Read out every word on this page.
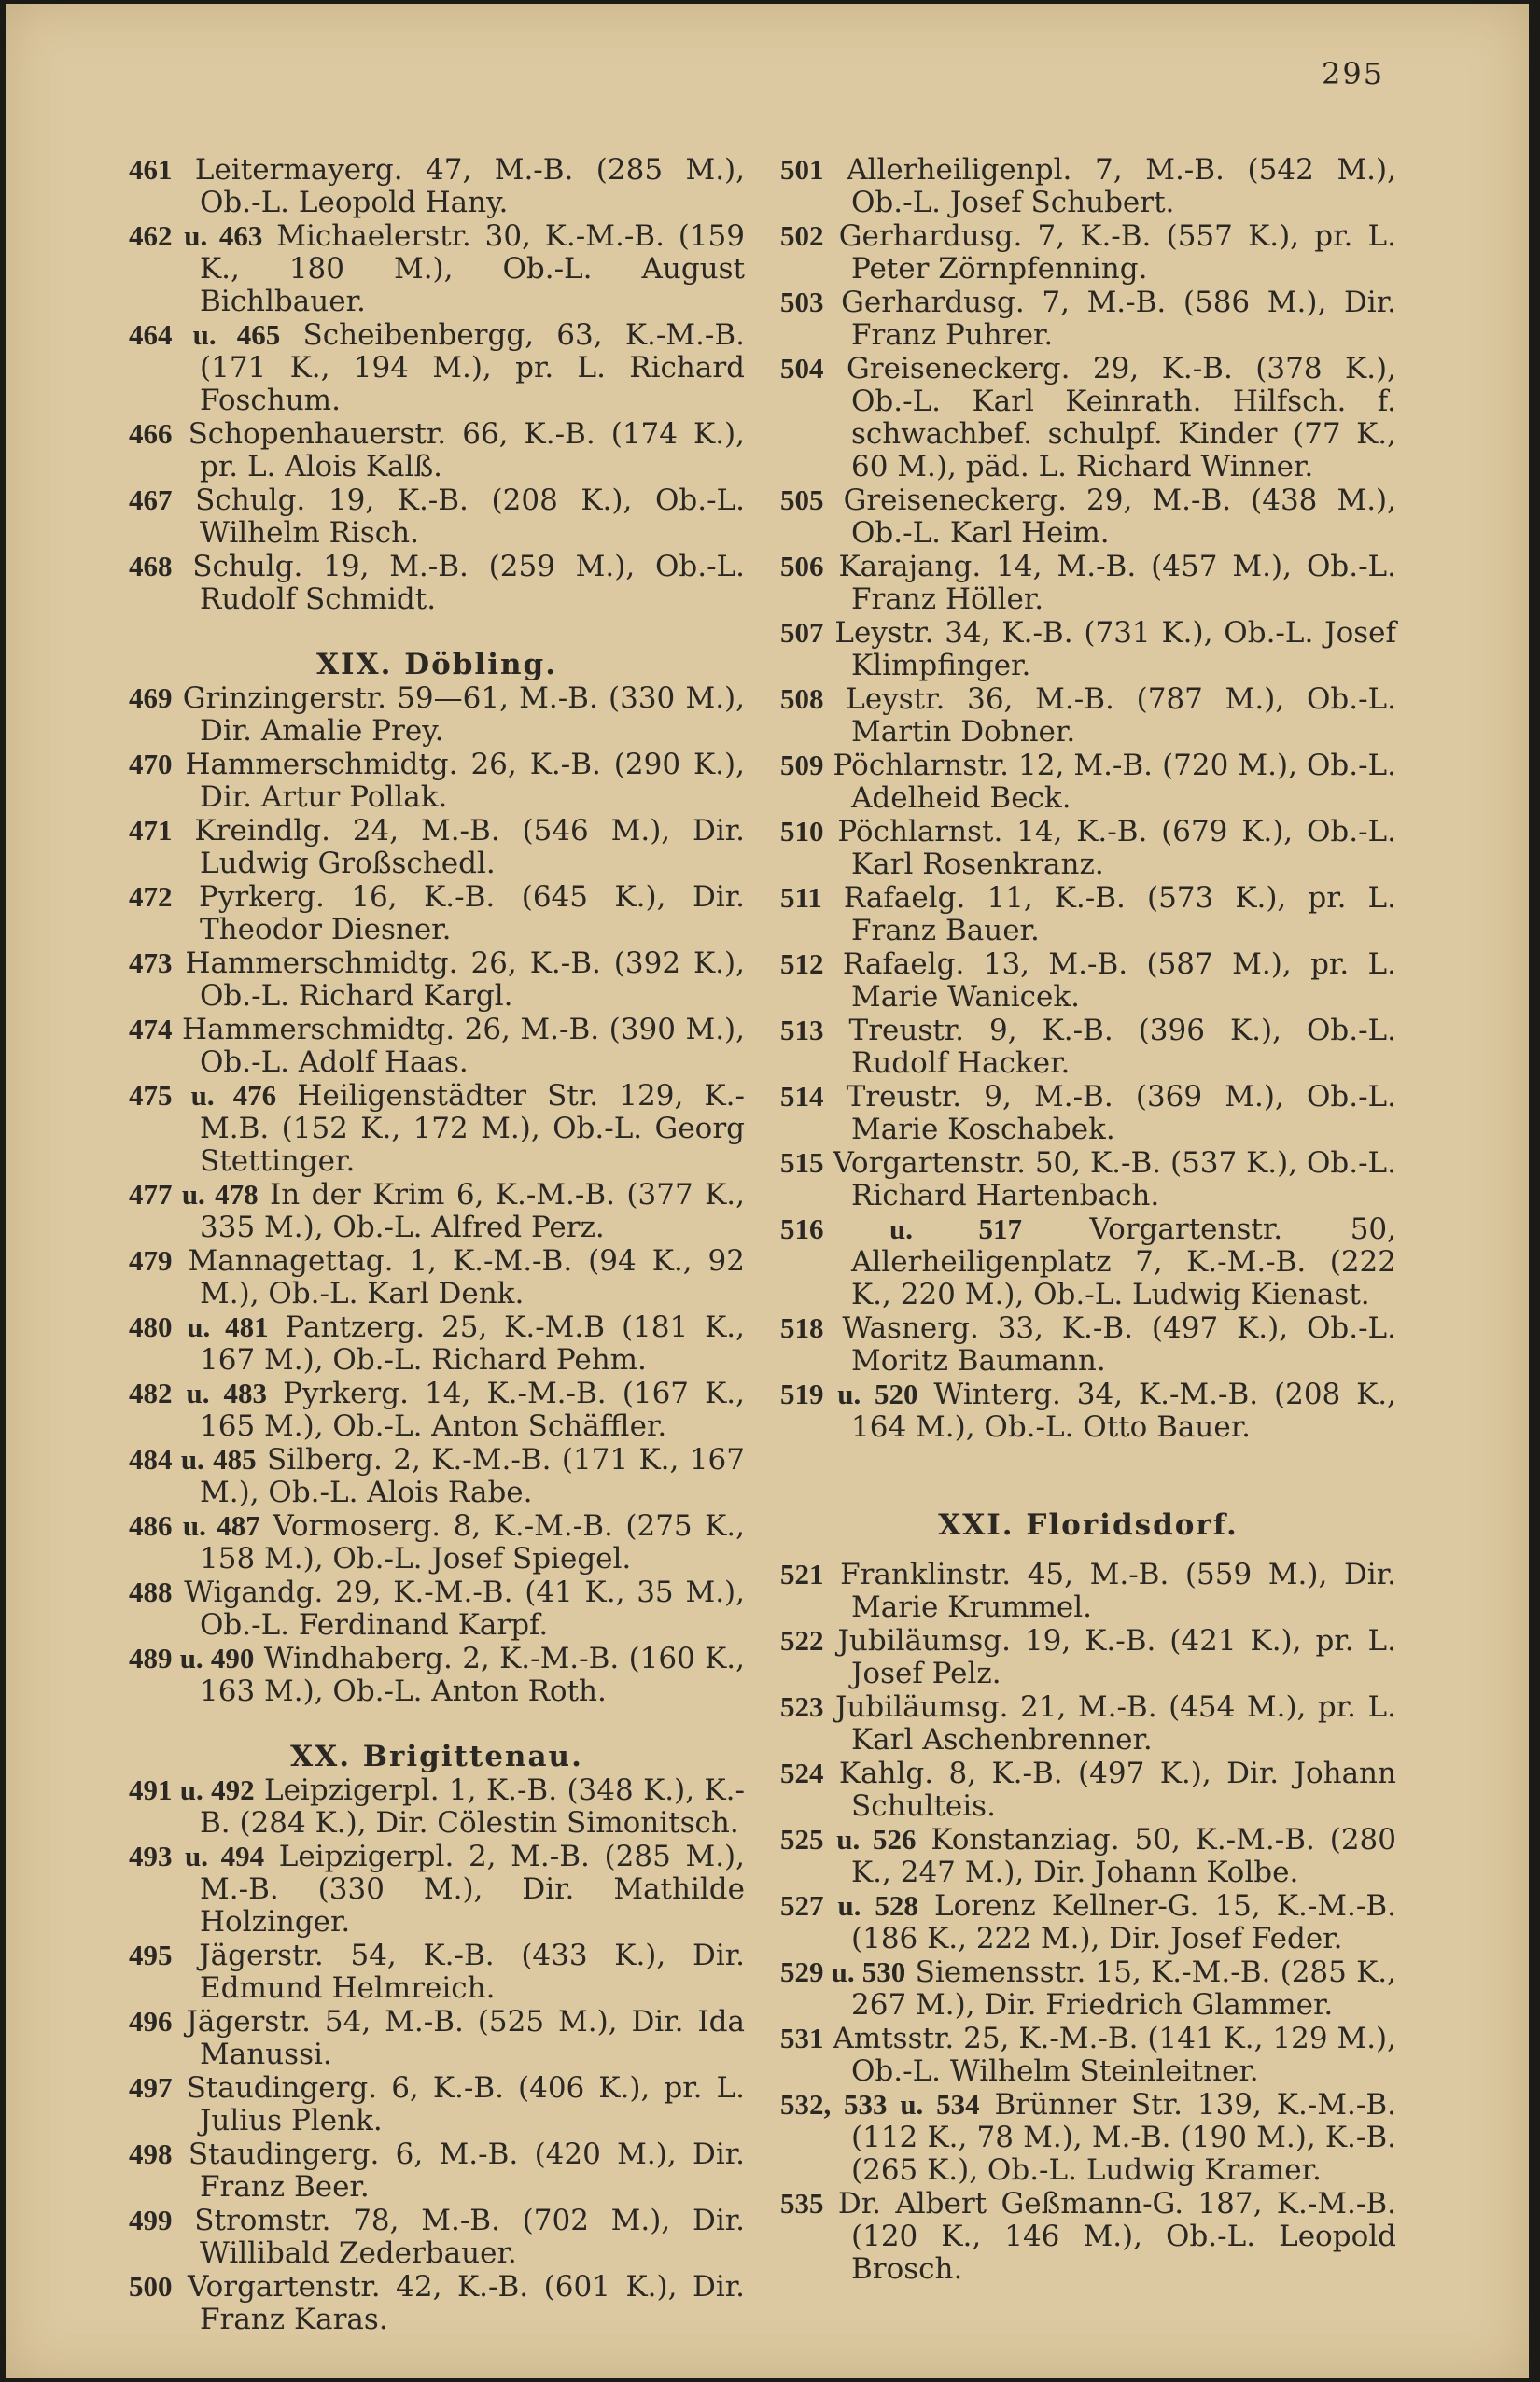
295

461 Leitermayerg. 47, M.-B. (285 M.), Ob.-L. Leopold Hany.

462 u. 463 Michaelerstr. 30, K.-M.-B. (159 K., 180 M.), Ob.-L. August Bichlbauer.

464 u. 465 Scheibenbergg, 63, K.-M.-B. (171 K., 194 M.), pr. L. Richard Foschum.

466 Schopenhauerstr. 66, K.-B. (174 K.), pr. L. Alois Kalß.

467 Schulg. 19, K.-B. (208 K.), Ob.-L. Wilhelm Risch.

468 Schulg. 19, M.-B. (259 M.), Ob.-L. Rudolf Schmidt.

XIX. Döbling.

469 Grinzingerstr. 59—61, M.-B. (330 M.), Dir. Amalie Prey.

470 Hammerschmidtg. 26, K.-B. (290 K.), Dir. Artur Pollak.

471 Kreindlg. 24, M.-B. (546 M.), Dir. Ludwig Großschedl.

472 Pyrkerg. 16, K.-B. (645 K.), Dir. Theodor Diesner.

473 Hammerschmidtg. 26, K.-B. (392 K.), Ob.-L. Richard Kargl.

474 Hammerschmidtg. 26, M.-B. (390 M.), Ob.-L. Adolf Haas.

475 u. 476 Heiligenstädter Str. 129, K.-M.B. (152 K., 172 M.), Ob.-L. Georg Stettinger.

477 u. 478 In der Krim 6, K.-M.-B. (377 K., 335 M.), Ob.-L. Alfred Perz.

479 Mannagettag. 1, K.-M.-B. (94 K., 92 M.), Ob.-L. Karl Denk.

480 u. 481 Pantzerg. 25, K.-M.B (181 K., 167 M.), Ob.-L. Richard Pehm.

482 u. 483 Pyrkerg. 14, K.-M.-B. (167 K., 165 M.), Ob.-L. Anton Schäffler.

484 u. 485 Silberg. 2, K.-M.-B. (171 K., 167 M.), Ob.-L. Alois Rabe.

486 u. 487 Vormoserg. 8, K.-M.-B. (275 K., 158 M.), Ob.-L. Josef Spiegel.

488 Wigandg. 29, K.-M.-B. (41 K., 35 M.), Ob.-L. Ferdinand Karpf.

489 u. 490 Windhaberg. 2, K.-M.-B. (160 K., 163 M.), Ob.-L. Anton Roth.

XX. Brigittenau.

491 u. 492 Leipzigerpl. 1, K.-B. (348 K.), K.-B. (284 K.), Dir. Cölestin Simonitsch.

493 u. 494 Leipzigerpl. 2, M.-B. (285 M.), M.-B. (330 M.), Dir. Mathilde Holzinger.

495 Jägerstr. 54, K.-B. (433 K.), Dir. Edmund Helmreich.

496 Jägerstr. 54, M.-B. (525 M.), Dir. Ida Manussi.

497 Staudingerg. 6, K.-B. (406 K.), pr. L. Julius Plenk.

498 Staudingerg. 6, M.-B. (420 M.), Dir. Franz Beer.

499 Stromstr. 78, M.-B. (702 M.), Dir. Willibald Zederbauer.

500 Vorgartenstr. 42, K.-B. (601 K.), Dir. Franz Karas.

501 Allerheiligenpl. 7, M.-B. (542 M.), Ob.-L. Josef Schubert.

502 Gerhardusg. 7, K.-B. (557 K.), pr. L. Peter Zörnpfenning.

503 Gerhardusg. 7, M.-B. (586 M.), Dir. Franz Puhrer.

504 Greiseneckerg. 29, K.-B. (378 K.), Ob.-L. Karl Keinrath. Hilfsch. f. schwachbef. schulpf. Kinder (77 K., 60 M.), päd. L. Richard Winner.

505 Greiseneckerg. 29, M.-B. (438 M.), Ob.-L. Karl Heim.

506 Karajang. 14, M.-B. (457 M.), Ob.-L. Franz Höller.

507 Leystr. 34, K.-B. (731 K.), Ob.-L. Josef Klimpfinger.

508 Leystr. 36, M.-B. (787 M.), Ob.-L. Martin Dobner.

509 Pöchlarnstr. 12, M.-B. (720 M.), Ob.-L. Adelheid Beck.

510 Pöchlarnst. 14, K.-B. (679 K.), Ob.-L. Karl Rosenkranz.

511 Rafaelg. 11, K.-B. (573 K.), pr. L. Franz Bauer.

512 Rafaelg. 13, M.-B. (587 M.), pr. L. Marie Wanicek.

513 Treustr. 9, K.-B. (396 K.), Ob.-L. Rudolf Hacker.

514 Treustr. 9, M.-B. (369 M.), Ob.-L. Marie Koschabek.

515 Vorgartenstr. 50, K.-B. (537 K.), Ob.-L. Richard Hartenbach.

516 u. 517 Vorgartenstr. 50, Allerheiligenplatz 7, K.-M.-B. (222 K., 220 M.), Ob.-L. Ludwig Kienast.

518 Wasnerg. 33, K.-B. (497 K.), Ob.-L. Moritz Baumann.

519 u. 520 Winterg. 34, K.-M.-B. (208 K., 164 M.), Ob.-L. Otto Bauer.

XXI. Floridsdorf.

521 Franklinstr. 45, M.-B. (559 M.), Dir. Marie Krummel.

522 Jubiläumsg. 19, K.-B. (421 K.), pr. L. Josef Pelz.

523 Jubiläumsg. 21, M.-B. (454 M.), pr. L. Karl Aschenbrenner.

524 Kahlg. 8, K.-B. (497 K.), Dir. Johann Schulteis.

525 u. 526 Konstanziag. 50, K.-M.-B. (280 K., 247 M.), Dir. Johann Kolbe.

527 u. 528 Lorenz Kellner-G. 15, K.-M.-B. (186 K., 222 M.), Dir. Josef Feder.

529 u. 530 Siemensstr. 15, K.-M.-B. (285 K., 267 M.), Dir. Friedrich Glammer.

531 Amtsstr. 25, K.-M.-B. (141 K., 129 M.), Ob.-L. Wilhelm Steinleitner.

532, 533 u. 534 Brünner Str. 139, K.-M.-B. (112 K., 78 M.), M.-B. (190 M.), K.-B. (265 K.), Ob.-L. Ludwig Kramer.

535 Dr. Albert Geßmann-G. 187, K.-M.-B. (120 K., 146 M.), Ob.-L. Leopold Brosch.
